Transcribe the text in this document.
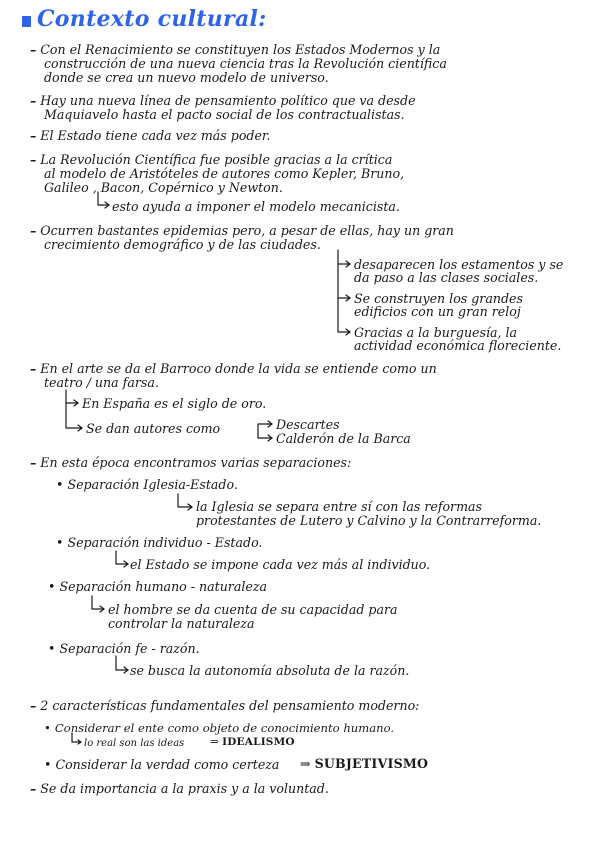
Contexto cultural:
– Con el Renacimiento se constituyen los Estados Modernos y la
construcción de una nueva ciencia tras la Revolución científica
donde se crea un nuevo modelo de universo.
– Hay una nueva línea de pensamiento político que va desde
Maquiavelo hasta el pacto social de los contractualistas.
– El Estado tiene cada vez más poder.
– La Revolución Científica fue posible gracias a la crítica
al modelo de Aristóteles de autores como Kepler, Bruno,
Galileo , Bacon, Copérnico y Newton.
esto ayuda a imponer el modelo mecanicista.
– Ocurren bastantes epidemias pero, a pesar de ellas, hay un gran
crecimiento demográfico y de las ciudades.
desaparecen los estamentos y se
da paso a las clases sociales.
Se construyen los grandes
edificios con un gran reloj
Gracias a la burguesía, la
actividad económica floreciente.
– En el arte se da el Barroco donde la vida se entiende como un
teatro / una farsa.
En España es el siglo de oro.
Se dan autores como	Descartes
Calderón de la Barca
– En esta época encontramos varias separaciones:
• Separación Iglesia-Estado.
la Iglesia se separa entre sí con las reformas
protestantes de Lutero y Calvino y la Contrarreforma.
• Separación individuo - Estado.
el Estado se impone cada vez más al individuo.
• Separación humano - naturaleza
el hombre se da cuenta de su capacidad para
controlar la naturaleza
• Separación fe - razón.
se busca la autonomía absoluta de la razón.
– 2 características fundamentales del pensamiento moderno:
• Considerar el ente como objeto de conocimiento humano.
lo real son las ideas ⇒ IDEALISMO
• Considerar la verdad como certeza ⇒ SUBJETIVISMO
– Se da importancia a la praxis y a la voluntad.
